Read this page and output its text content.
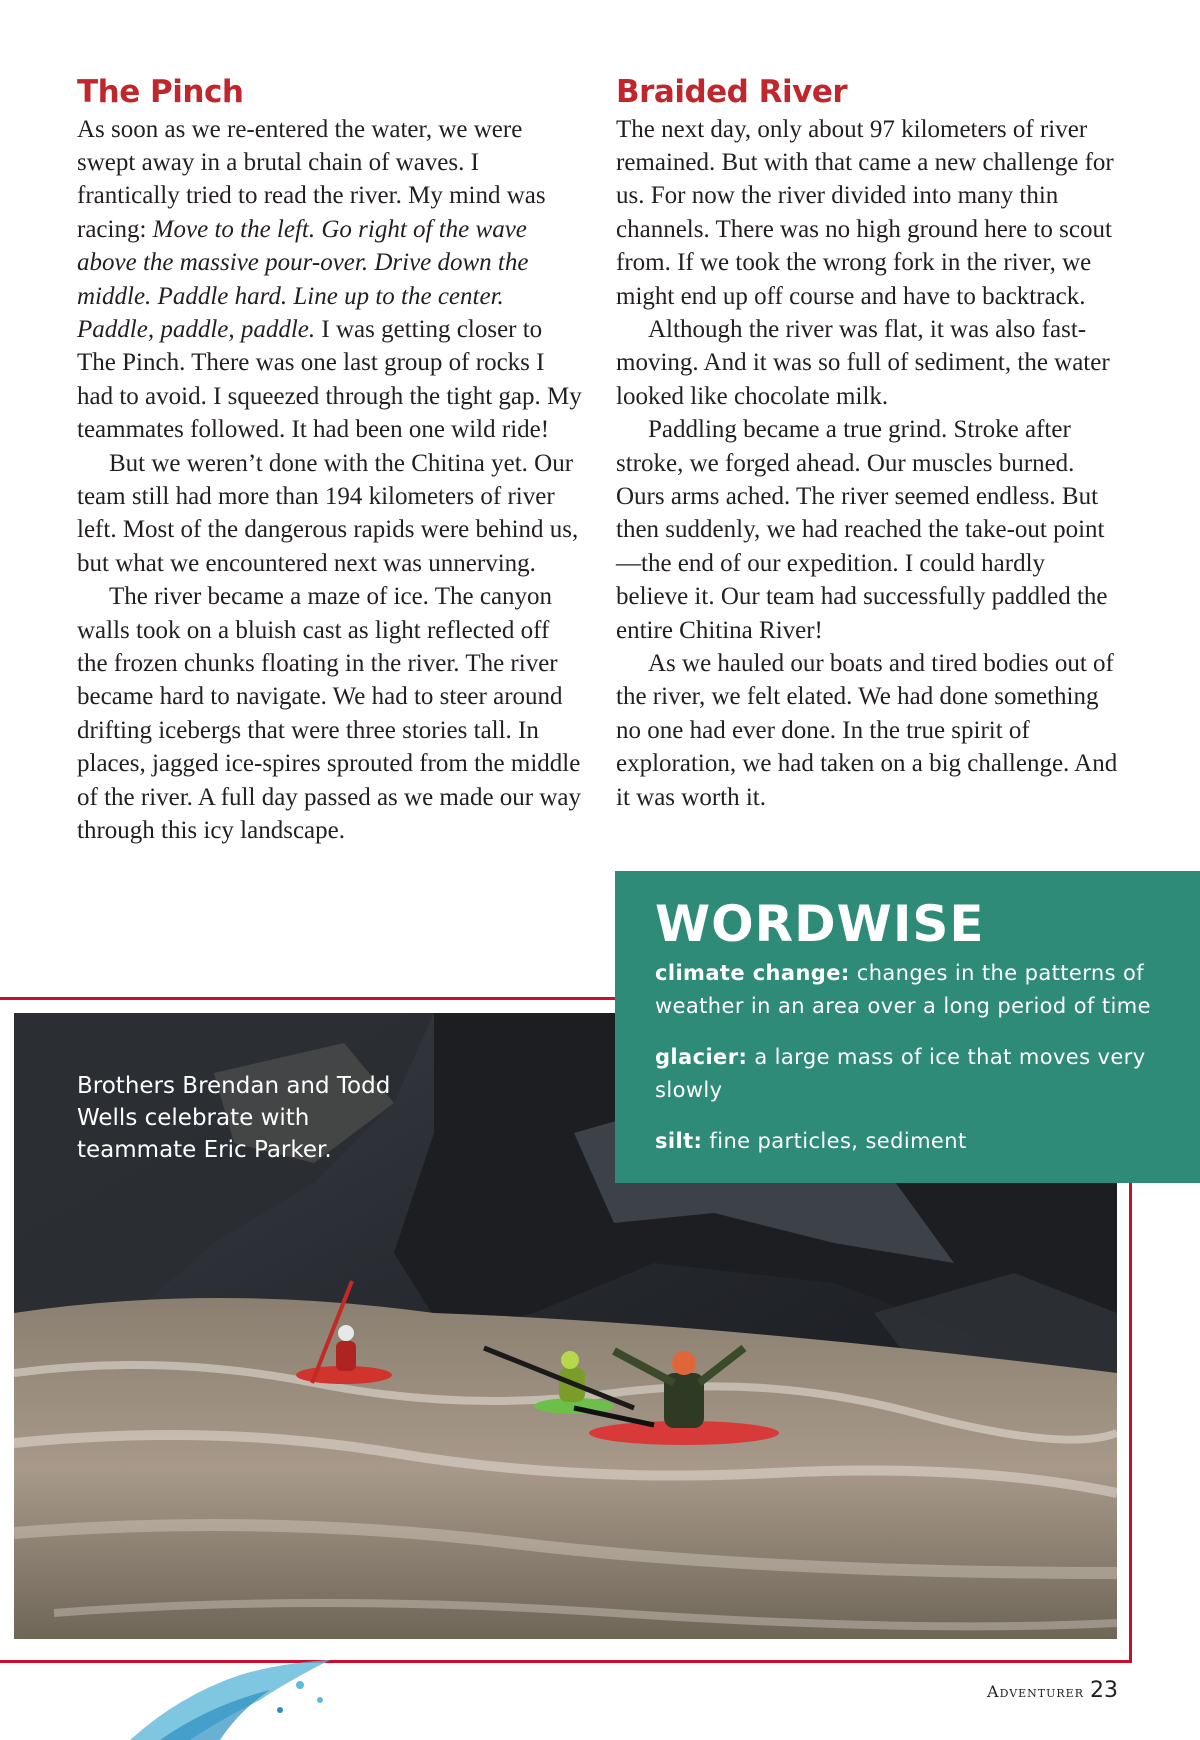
The Pinch

As soon as we re-entered the water, we were swept away in a brutal chain of waves. I frantically tried to read the river. My mind was racing: Move to the left. Go right of the wave above the massive pour-over. Drive down the middle. Paddle hard. Line up to the center. Paddle, paddle, paddle. I was getting closer to The Pinch. There was one last group of rocks I had to avoid. I squeezed through the tight gap. My teammates followed. It had been one wild ride!

But we weren’t done with the Chitina yet. Our team still had more than 194 kilometers of river left. Most of the dangerous rapids were behind us, but what we encountered next was unnerving.

The river became a maze of ice. The canyon walls took on a bluish cast as light reflected off the frozen chunks floating in the river. The river became hard to navigate. We had to steer around drifting icebergs that were three stories tall. In places, jagged ice-spires sprouted from the middle of the river. A full day passed as we made our way through this icy landscape.

Braided River

The next day, only about 97 kilometers of river remained. But with that came a new challenge for us. For now the river divided into many thin channels. There was no high ground here to scout from. If we took the wrong fork in the river, we might end up off course and have to backtrack.

Although the river was flat, it was also fast-moving. And it was so full of sediment, the water looked like chocolate milk.

Paddling became a true grind. Stroke after stroke, we forged ahead. Our muscles burned. Ours arms ached. The river seemed endless. But then suddenly, we had reached the take-out point—the end of our expedition. I could hardly believe it. Our team had successfully paddled the entire Chitina River!

As we hauled our boats and tired bodies out of the river, we felt elated. We had done something no one had ever done. In the true spirit of exploration, we had taken on a big challenge. And it was worth it.

Brothers Brendan and Todd Wells celebrate with teammate Eric Parker.

WORDWISE

climate change: changes in the patterns of weather in an area over a long period of time

glacier: a large mass of ice that moves very slowly

silt: fine particles, sediment

Adventurer 23
